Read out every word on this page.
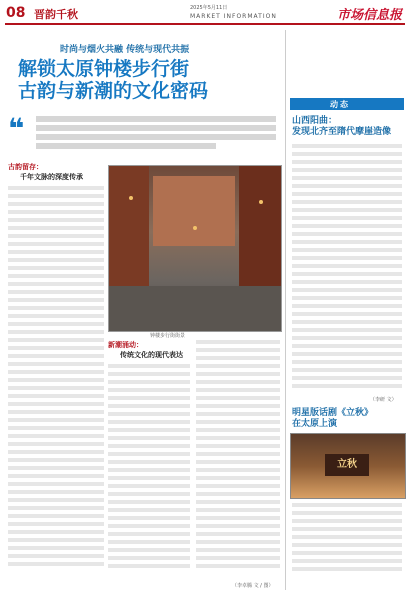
08 晋韵千秋	2025年5月11日
MARKET INFORMATION	市场信息报
时尚与烟火共融 传统与现代共振
解锁太原钟楼步行街
古韵与新潮的文化密码
❝
古韵留存：
千年文脉的深度传承
钟楼步行街街景
新潮涌动：
传统文化的现代表达
（李卓腾 文 / 图）
动态
山西阳曲：
发现北齐至隋代摩崖造像
（李研 文）
明星版话剧《立秋》
在太原上演
立秋
